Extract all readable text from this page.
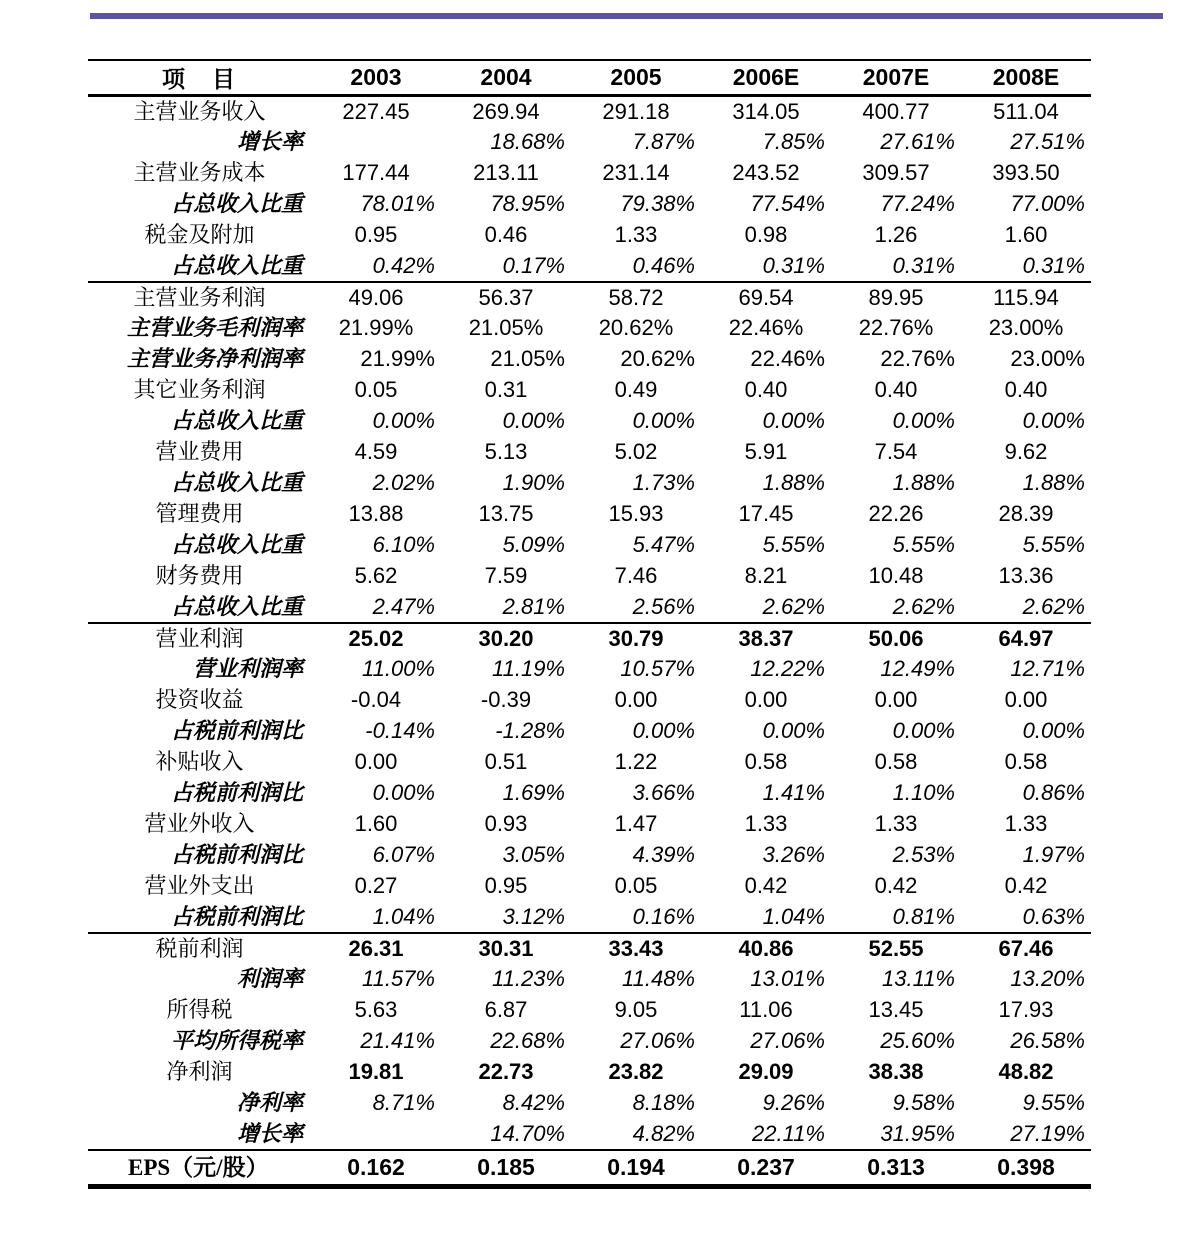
项　目	2003	2004	2005	2006E	2007E	2008E
主营业务收入	227.45	269.94	291.18	314.05	400.77	511.04
增长率		18.68%	7.87%	7.85%	27.61%	27.51%
主营业务成本	177.44	213.11	231.14	243.52	309.57	393.50
占总收入比重	78.01%	78.95%	79.38%	77.54%	77.24%	77.00%
税金及附加	0.95	0.46	1.33	0.98	1.26	1.60
占总收入比重	0.42%	0.17%	0.46%	0.31%	0.31%	0.31%
主营业务利润	49.06	56.37	58.72	69.54	89.95	115.94
主营业务毛利润率	21.99%	21.05%	20.62%	22.46%	22.76%	23.00%
主营业务净利润率	21.99%	21.05%	20.62%	22.46%	22.76%	23.00%
其它业务利润	0.05	0.31	0.49	0.40	0.40	0.40
占总收入比重	0.00%	0.00%	0.00%	0.00%	0.00%	0.00%
营业费用	4.59	5.13	5.02	5.91	7.54	9.62
占总收入比重	2.02%	1.90%	1.73%	1.88%	1.88%	1.88%
管理费用	13.88	13.75	15.93	17.45	22.26	28.39
占总收入比重	6.10%	5.09%	5.47%	5.55%	5.55%	5.55%
财务费用	5.62	7.59	7.46	8.21	10.48	13.36
占总收入比重	2.47%	2.81%	2.56%	2.62%	2.62%	2.62%
营业利润	25.02	30.20	30.79	38.37	50.06	64.97
营业利润率	11.00%	11.19%	10.57%	12.22%	12.49%	12.71%
投资收益	-0.04	-0.39	0.00	0.00	0.00	0.00
占税前利润比	-0.14%	-1.28%	0.00%	0.00%	0.00%	0.00%
补贴收入	0.00	0.51	1.22	0.58	0.58	0.58
占税前利润比	0.00%	1.69%	3.66%	1.41%	1.10%	0.86%
营业外收入	1.60	0.93	1.47	1.33	1.33	1.33
占税前利润比	6.07%	3.05%	4.39%	3.26%	2.53%	1.97%
营业外支出	0.27	0.95	0.05	0.42	0.42	0.42
占税前利润比	1.04%	3.12%	0.16%	1.04%	0.81%	0.63%
税前利润	26.31	30.31	33.43	40.86	52.55	67.46
利润率	11.57%	11.23%	11.48%	13.01%	13.11%	13.20%
所得税	5.63	6.87	9.05	11.06	13.45	17.93
平均所得税率	21.41%	22.68%	27.06%	27.06%	25.60%	26.58%
净利润	19.81	22.73	23.82	29.09	38.38	48.82
净利率	8.71%	8.42%	8.18%	9.26%	9.58%	9.55%
增长率		14.70%	4.82%	22.11%	31.95%	27.19%
EPS（元/股）	0.162	0.185	0.194	0.237	0.313	0.398
